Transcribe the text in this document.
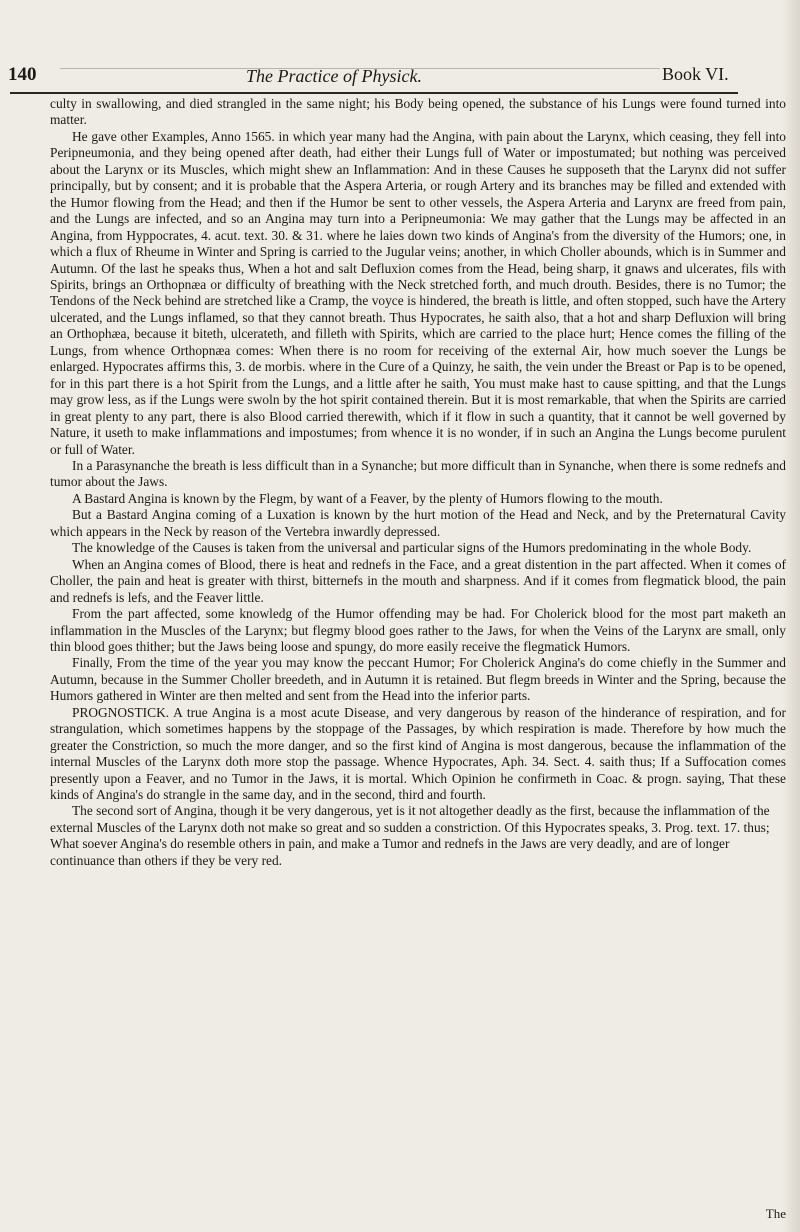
140	The Practice of Physick.	Book VI.

culty in swallowing, and died strangled in the same night; his Body being opened, the substance of his Lungs were found turned into matter.

He gave other Examples, Anno 1565. in which year many had the Angina, with pain about the Larynx, which ceasing, they fell into Peripneumonia, and they being opened after death, had either their Lungs full of Water or impostumated; but nothing was perceived about the Larynx or its Muscles, which might shew an Inflammation: And in these Causes he supposeth that the Larynx did not suffer principally, but by consent; and it is probable that the Aspera Arteria, or rough Artery and its branches may be filled and extended with the Humor flowing from the Head; and then if the Humor be sent to other vessels, the Aspera Arteria and Larynx are freed from pain, and the Lungs are infected, and so an Angina may turn into a Peripneumonia: We may gather that the Lungs may be affected in an Angina, from Hyppocrates, 4. acut. text. 30. & 31. where he laies down two kinds of Angina's from the diversity of the Humors; one, in which a flux of Rheume in Winter and Spring is carried to the Jugular veins; another, in which Choller abounds, which is in Summer and Autumn. Of the last he speaks thus, When a hot and salt Defluxion comes from the Head, being sharp, it gnaws and ulcerates, fils with Spirits, brings an Orthopnæa or difficulty of breathing with the Neck stretched forth, and much drouth. Besides, there is no Tumor; the Tendons of the Neck behind are stretched like a Cramp, the voyce is hindered, the breath is little, and often stopped, such have the Artery ulcerated, and the Lungs inflamed, so that they cannot breath. Thus Hypocrates, he saith also, that a hot and sharp Defluxion will bring an Orthophæa, because it biteth, ulcerateth, and filleth with Spirits, which are carried to the place hurt; Hence comes the filling of the Lungs, from whence Orthopnæa comes: When there is no room for receiving of the external Air, how much soever the Lungs be enlarged. Hypocrates affirms this, 3. de morbis. where in the Cure of a Quinzy, he saith, the vein under the Breast or Pap is to be opened, for in this part there is a hot Spirit from the Lungs, and a little after he saith, You must make hast to cause spitting, and that the Lungs may grow less, as if the Lungs were swoln by the hot spirit contained therein. But it is most remarkable, that when the Spirits are carried in great plenty to any part, there is also Blood carried therewith, which if it flow in such a quantity, that it cannot be well governed by Nature, it useth to make inflammations and impostumes; from whence it is no wonder, if in such an Angina the Lungs become purulent or full of Water.

In a Parasynanche the breath is less difficult than in a Synanche; but more difficult than in Synanche, when there is some rednefs and tumor about the Jaws.

A Bastard Angina is known by the Flegm, by want of a Feaver, by the plenty of Humors flowing to the mouth.

But a Bastard Angina coming of a Luxation is known by the hurt motion of the Head and Neck, and by the Preternatural Cavity which appears in the Neck by reason of the Vertebra inwardly depressed.

The knowledge of the Causes is taken from the universal and particular signs of the Humors predominating in the whole Body.

When an Angina comes of Blood, there is heat and rednefs in the Face, and a great distention in the part affected. When it comes of Choller, the pain and heat is greater with thirst, bitternefs in the mouth and sharpness. And if it comes from flegmatick blood, the pain and rednefs is lefs, and the Feaver little.

From the part affected, some knowledg of the Humor offending may be had. For Cholerick blood for the most part maketh an inflammation in the Muscles of the Larynx; but flegmy blood goes rather to the Jaws, for when the Veins of the Larynx are small, only thin blood goes thither; but the Jaws being loose and spungy, do more easily receive the flegmatick Humors.

Finally, From the time of the year you may know the peccant Humor; For Cholerick Angina's do come chiefly in the Summer and Autumn, because in the Summer Choller breedeth, and in Autumn it is retained. But flegm breeds in Winter and the Spring, because the Humors gathered in Winter are then melted and sent from the Head into the inferior parts.

PROGNOSTICK. A true Angina is a most acute Disease, and very dangerous by reason of the hinderance of respiration, and for strangulation, which sometimes happens by the stoppage of the Passages, by which respiration is made. Therefore by how much the greater the Constriction, so much the more danger, and so the first kind of Angina is most dangerous, because the inflammation of the internal Muscles of the Larynx doth more stop the passage. Whence Hypocrates, Aph. 34. Sect. 4. saith thus; If a Suffocation comes presently upon a Feaver, and no Tumor in the Jaws, it is mortal. Which Opinion he confirmeth in Coac. & progn. saying, That these kinds of Angina's do strangle in the same day, and in the second, third and fourth.

The second sort of Angina, though it be very dangerous, yet is it not altogether deadly as the first, because the inflammation of the external Muscles of the Larynx doth not make so great and so sudden a constriction. Of this Hypocrates speaks, 3. Prog. text. 17. thus; What soever Angina's do resemble others in pain, and make a Tumor and rednefs in the Jaws are very deadly, and are of longer continuance than others if they be very red.

The
